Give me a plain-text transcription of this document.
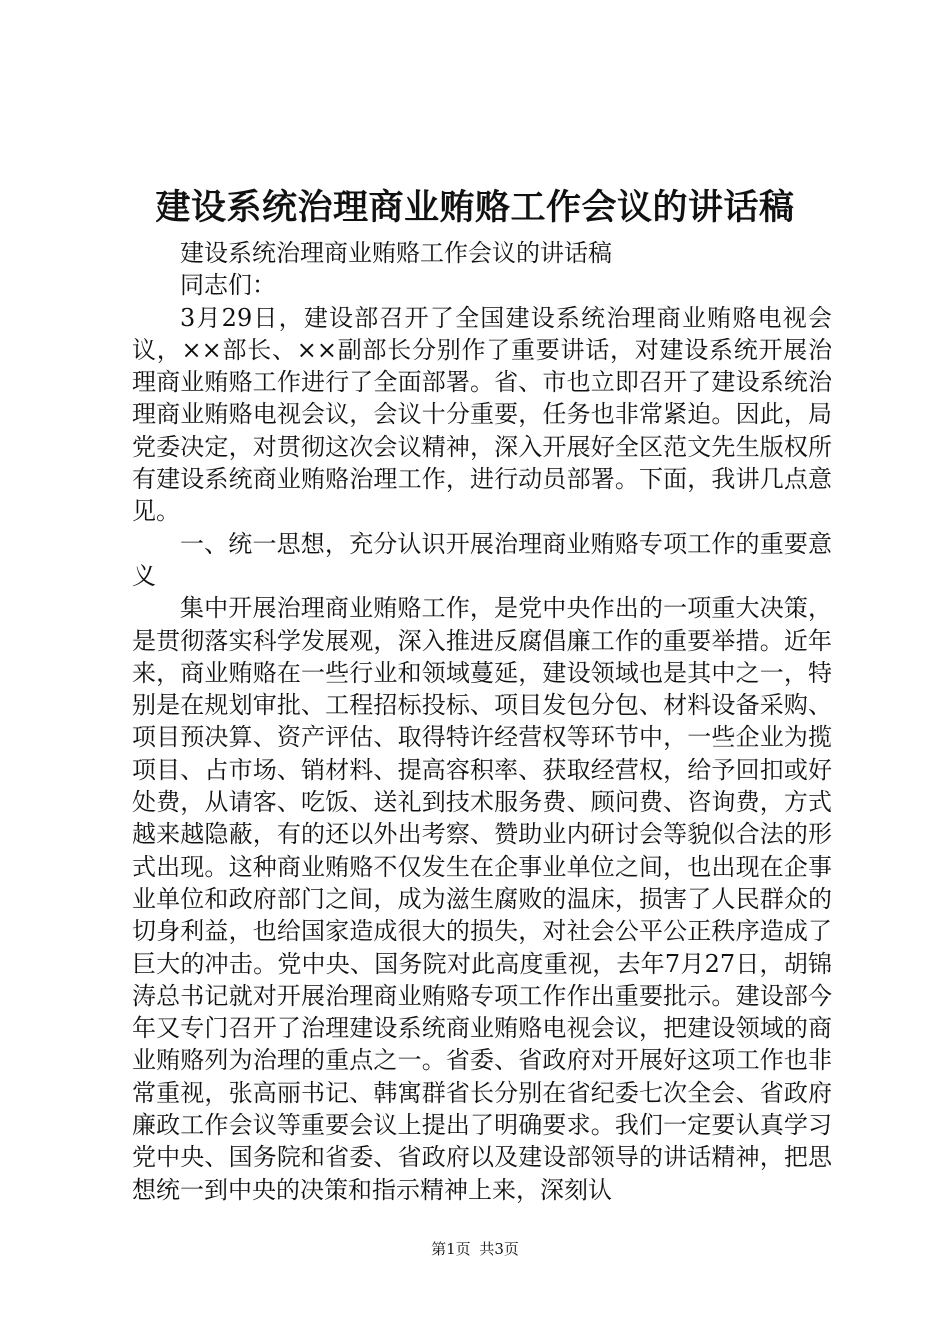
建设系统治理商业贿赂工作会议的讲话稿

建设系统治理商业贿赂工作会议的讲话稿

同志们：

3月29日，建设部召开了全国建设系统治理商业贿赂电视会议，××部长、××副部长分别作了重要讲话，对建设系统开展治理商业贿赂工作进行了全面部署。省、市也立即召开了建设系统治理商业贿赂电视会议，会议十分重要，任务也非常紧迫。因此，局党委决定，对贯彻这次会议精神，深入开展好全区范文先生版权所有建设系统商业贿赂治理工作，进行动员部署。下面，我讲几点意见。

一、统一思想，充分认识开展治理商业贿赂专项工作的重要意义

集中开展治理商业贿赂工作，是党中央作出的一项重大决策，是贯彻落实科学发展观，深入推进反腐倡廉工作的重要举措。近年来，商业贿赂在一些行业和领域蔓延，建设领域也是其中之一，特别是在规划审批、工程招标投标、项目发包分包、材料设备采购、项目预决算、资产评估、取得特许经营权等环节中，一些企业为揽项目、占市场、销材料、提高容积率、获取经营权，给予回扣或好处费，从请客、吃饭、送礼到技术服务费、顾问费、咨询费，方式越来越隐蔽，有的还以外出考察、赞助业内研讨会等貌似合法的形式出现。这种商业贿赂不仅发生在企事业单位之间，也出现在企事业单位和政府部门之间，成为滋生腐败的温床，损害了人民群众的切身利益，也给国家造成很大的损失，对社会公平公正秩序造成了巨大的冲击。党中央、国务院对此高度重视，去年7月27日，胡锦涛总书记就对开展治理商业贿赂专项工作作出重要批示。建设部今年又专门召开了治理建设系统商业贿赂电视会议，把建设领域的商业贿赂列为治理的重点之一。省委、省政府对开展好这项工作也非常重视，张高丽书记、韩寓群省长分别在省纪委七次全会、省政府廉政工作会议等重要会议上提出了明确要求。我们一定要认真学习党中央、国务院和省委、省政府以及建设部领导的讲话精神，把思想统一到中央的决策和指示精神上来，深刻认

第1页 共3页
